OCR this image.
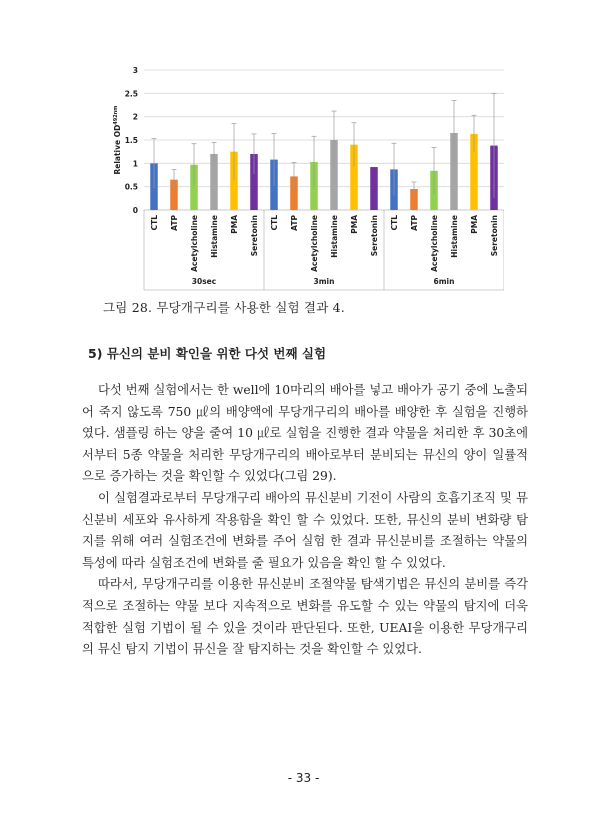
0
0.5
1
1.5
2
2.5
3
Relative $OD^{492nm}$
CTL ATP Acetylcholine Histamine PMA Seretonin
30sec
CTL ATP Acetylcholine Histamine PMA Seretonin
3min
CTL ATP Acetylcholine Histamine PMA Seretonin
6min
그림 28. 무당개구리를 사용한 실험 결과 4.
5) 뮤신의 분비 확인을 위한 다섯 번째 실험

다섯 번째 실험에서는 한 well에 10마리의 배아를 넣고 배아가 공기 중에 노출되어 죽지 않도록 750 ㎕의 배양액에 무당개구리의 배아를 배양한 후 실험을 진행하였다. 샘플링 하는 양을 줄여 10 ㎕로 실험을 진행한 결과 약물을 처리한 후 30초에서부터 5종 약물을 처리한 무당개구리의 배아로부터 분비되는 뮤신의 양이 일률적으로 증가하는 것을 확인할 수 있었다(그림 29).

이 실험결과로부터 무당개구리 배아의 뮤신분비 기전이 사람의 호흡기조직 및 뮤신분비 세포와 유사하게 작용함을 확인 할 수 있었다. 또한, 뮤신의 분비 변화량 탐지를 위해 여러 실험조건에 변화를 주어 실험 한 결과 뮤신분비를 조절하는 약물의 특성에 따라 실험조건에 변화를 줄 필요가 있음을 확인 할 수 있었다.

따라서, 무당개구리를 이용한 뮤신분비 조절약물 탐색기법은 뮤신의 분비를 즉각적으로 조절하는 약물 보다 지속적으로 변화를 유도할 수 있는 약물의 탐지에 더욱 적합한 실험 기법이 될 수 있을 것이라 판단된다. 또한, UEAI을 이용한 무당개구리의 뮤신 탐지 기법이 뮤신을 잘 탐지하는 것을 확인할 수 있었다.

- 33 -
